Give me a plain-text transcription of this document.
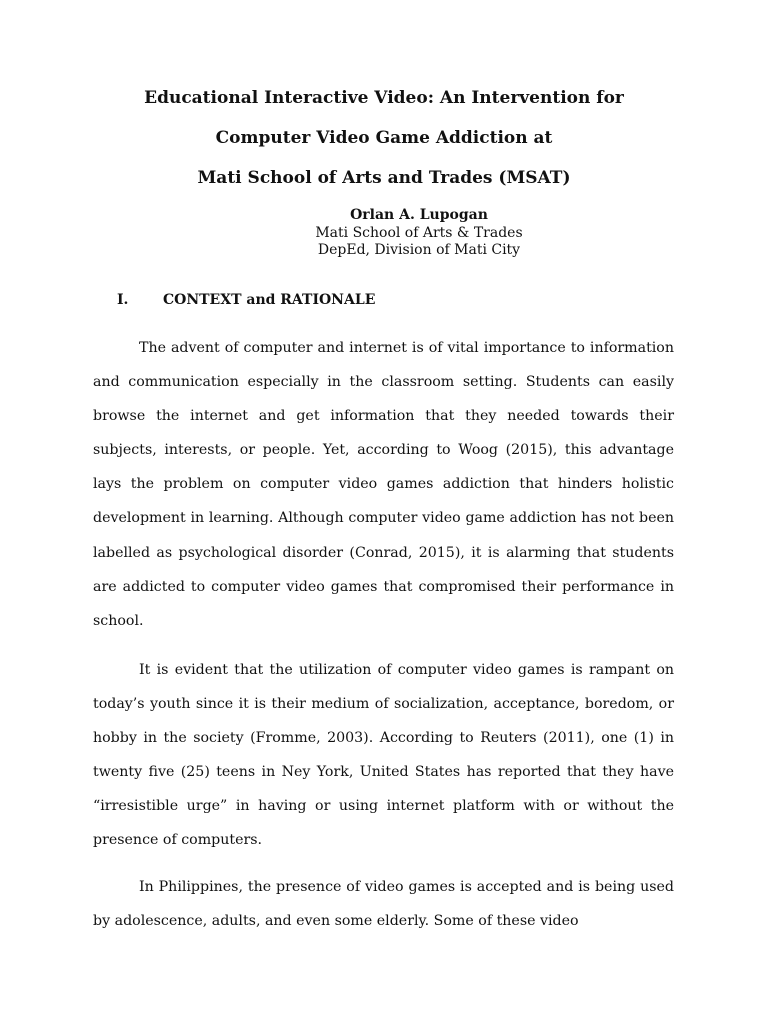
Educational Interactive Video: An Intervention for
Computer Video Game Addiction at
Mati School of Arts and Trades (MSAT)
Orlan A. Lupogan
Mati School of Arts & Trades
DepEd, Division of Mati City
I. CONTEXT and RATIONALE

The advent of computer and internet is of vital importance to information and communication especially in the classroom setting. Students can easily browse the internet and get information that they needed towards their subjects, interests, or people. Yet, according to Woog (2015), this advantage lays the problem on computer video games addiction that hinders holistic development in learning. Although computer video game addiction has not been labelled as psychological disorder (Conrad, 2015), it is alarming that students are addicted to computer video games that compromised their performance in school.

It is evident that the utilization of computer video games is rampant on today’s youth since it is their medium of socialization, acceptance, boredom, or hobby in the society (Fromme, 2003). According to Reuters (2011), one (1) in twenty five (25) teens in Ney York, United States has reported that they have “irresistible urge” in having or using internet platform with or without the presence of computers.

In Philippines, the presence of video games is accepted and is being used by adolescence, adults, and even some elderly. Some of these video
